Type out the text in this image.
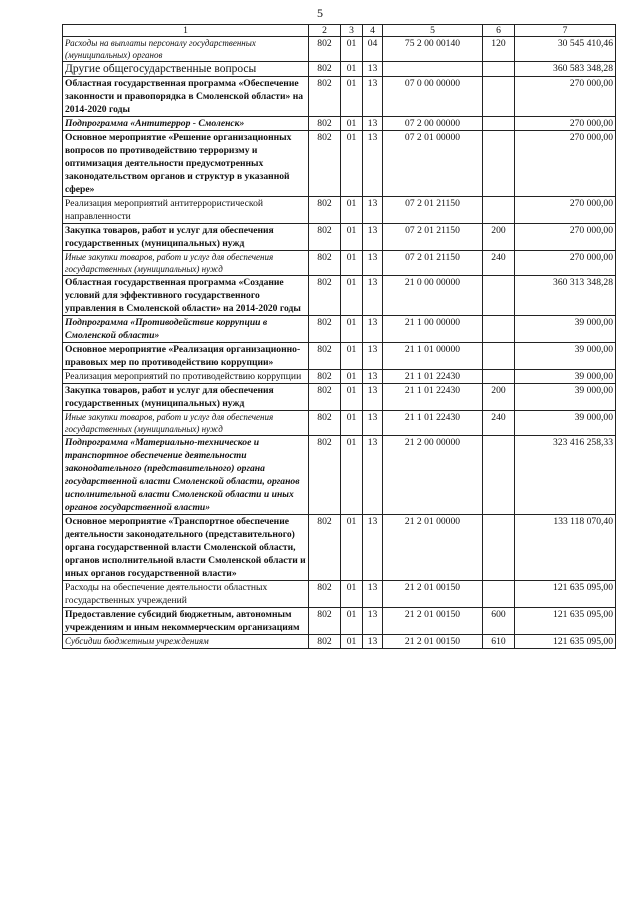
5
1	2	3	4	5	6	7
Расходы на выплаты персоналу государственных (муниципальных) органов	802	01	04	75 2 00 00140	120	30 545 410,46
Другие общегосударственные вопросы	802	01	13			360 583 348,28
Областная государственная программа «Обеспечение законности и правопорядка в Смоленской области» на 2014-2020 годы	802	01	13	07 0 00 00000		270 000,00
Подпрограмма «Антитеррор - Смоленск»	802	01	13	07 2 00 00000		270 000,00
Основное мероприятие «Решение организационных вопросов по противодействию терроризму и оптимизация деятельности предусмотренных законодательством органов и структур в указанной сфере»	802	01	13	07 2 01 00000		270 000,00
Реализация мероприятий антитеррористической направленности	802	01	13	07 2 01 21150		270 000,00
Закупка товаров, работ и услуг для обеспечения государственных (муниципальных) нужд	802	01	13	07 2 01 21150	200	270 000,00
Иные закупки товаров, работ и услуг для обеспечения государственных (муниципальных) нужд	802	01	13	07 2 01 21150	240	270 000,00
Областная государственная программа «Создание условий для эффективного государственного управления в Смоленской области» на 2014-2020 годы	802	01	13	21 0 00 00000		360 313 348,28
Подпрограмма «Противодействие коррупции в Смоленской области»	802	01	13	21 1 00 00000		39 000,00
Основное мероприятие «Реализация организационно-правовых мер по противодействию коррупции»	802	01	13	21 1 01 00000		39 000,00
Реализация мероприятий по противодействию коррупции	802	01	13	21 1 01 22430		39 000,00
Закупка товаров, работ и услуг для обеспечения государственных (муниципальных) нужд	802	01	13	21 1 01 22430	200	39 000,00
Иные закупки товаров, работ и услуг для обеспечения государственных (муниципальных) нужд	802	01	13	21 1 01 22430	240	39 000,00
Подпрограмма «Материально-техническое и транспортное обеспечение деятельности законодательного (представительного) органа государственной власти Смоленской области, органов исполнительной власти Смоленской области и иных органов государственной власти»	802	01	13	21 2 00 00000		323 416 258,33
Основное мероприятие «Транспортное обеспечение деятельности законодательного (представительного) органа государственной власти Смоленской области, органов исполнительной власти Смоленской области и иных органов государственной власти»	802	01	13	21 2 01 00000		133 118 070,40
Расходы на обеспечение деятельности областных государственных учреждений	802	01	13	21 2 01 00150		121 635 095,00
Предоставление субсидий бюджетным, автономным учреждениям и иным некоммерческим организациям	802	01	13	21 2 01 00150	600	121 635 095,00
Субсидии бюджетным учреждениям	802	01	13	21 2 01 00150	610	121 635 095,00
